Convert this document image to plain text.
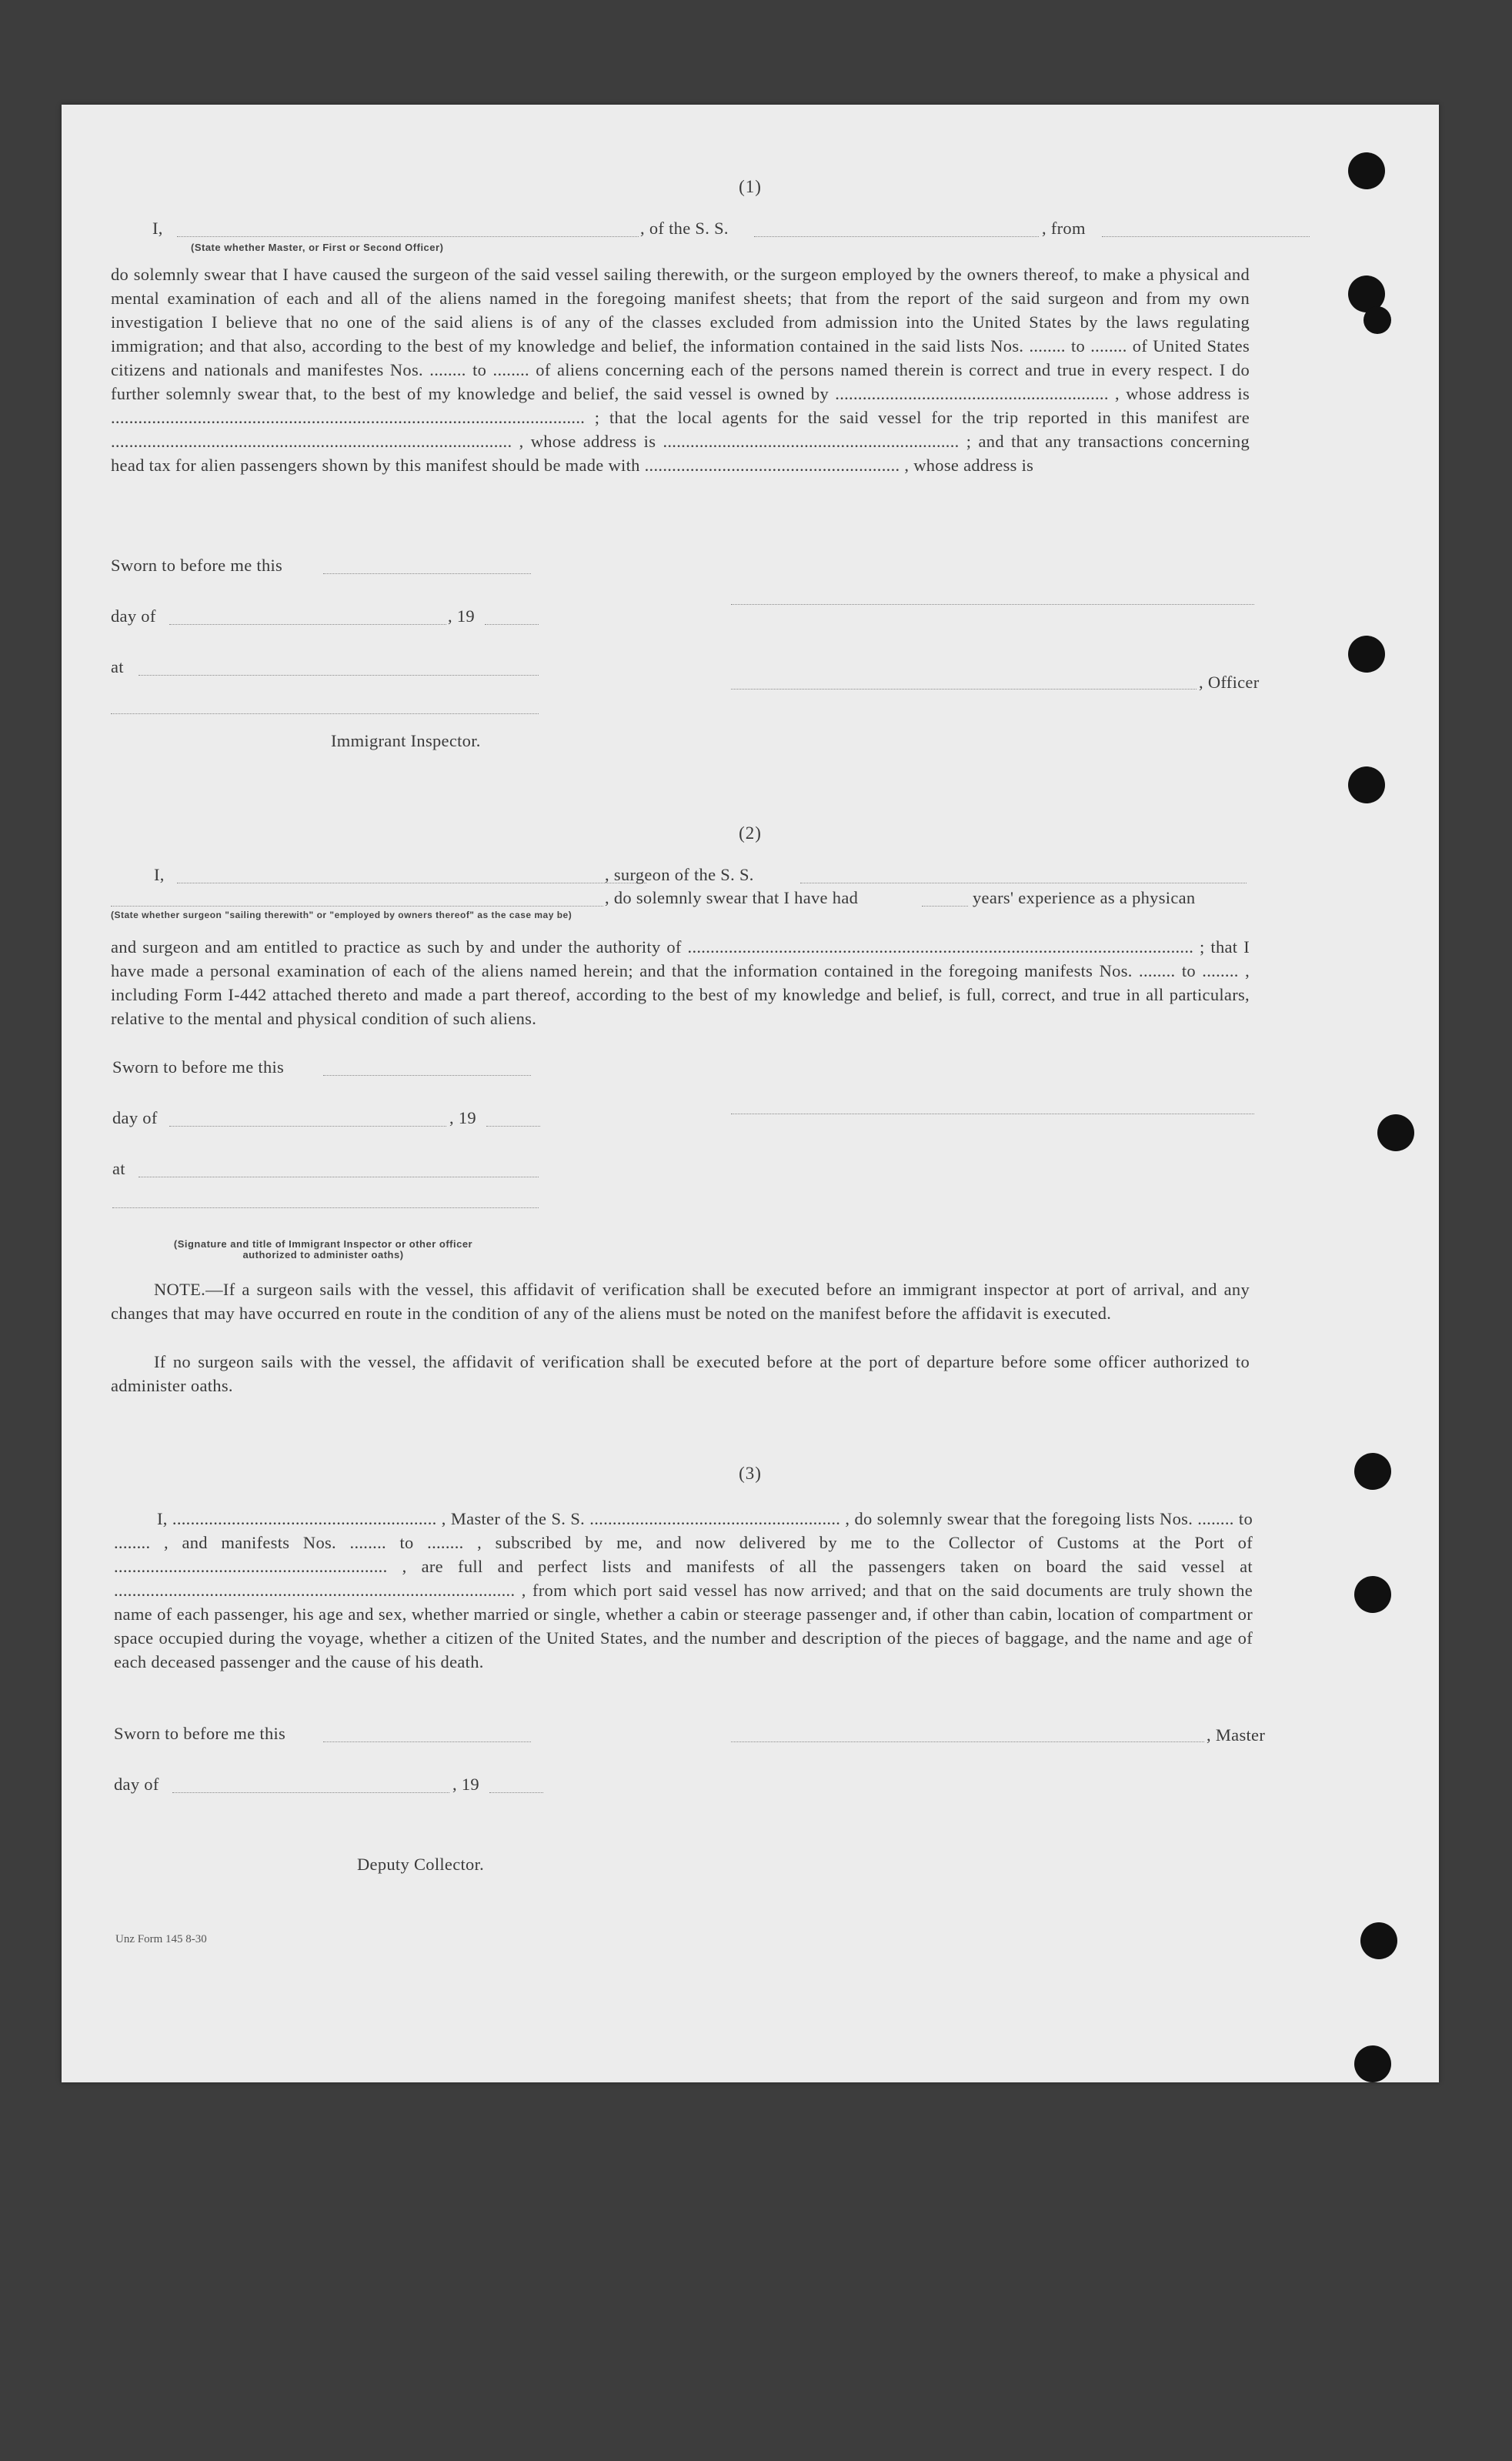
(1)
I,	, of the S. S.	, from
(State whether Master, or First or Second Officer)
do solemnly swear that I have caused the surgeon of the said vessel sailing therewith, or the surgeon employed by the owners thereof, to make a physical and mental examination of each and all of the aliens named in the foregoing manifest sheets; that from the report of the said surgeon and from my own investigation I believe that no one of the said aliens is of any of the classes excluded from admission into the United States by the laws regulating immigration; and that also, according to the best of my knowledge and belief, the information contained in the said lists Nos. ........ to ........ of United States citizens and nationals and manifestes Nos. ........ to ........ of aliens concerning each of the persons named therein is correct and true in every respect. I do further solemnly swear that, to the best of my knowledge and belief, the said vessel is owned by ............................................................ , whose address is ........................................................................................................ ; that the local agents for the said vessel for the trip reported in this manifest are ........................................................................................ , whose address is ................................................................. ; and that any transactions concerning head tax for alien passengers shown by this manifest should be made with ........................................................ , whose address is
Sworn to before me this
day of	, 19
at
, Officer
Immigrant Inspector.
(2)
I,	, surgeon of the S. S.
, do solemnly swear that I have had	years' experience as a physican
(State whether surgeon "sailing therewith" or "employed by owners thereof" as the case may be)
and surgeon and am entitled to practice as such by and under the authority of ............................................................................................................... ; that I have made a personal examination of each of the aliens named herein; and that the information contained in the foregoing manifests Nos. ........ to ........ , including Form I-442 attached thereto and made a part thereof, according to the best of my knowledge and belief, is full, correct, and true in all particulars, relative to the mental and physical condition of such aliens.
Sworn to before me this
day of	, 19
at
(Signature and title of Immigrant Inspector or other officer authorized to administer oaths)
NOTE.—If a surgeon sails with the vessel, this affidavit of verification shall be executed before an immigrant inspector at port of arrival, and any changes that may have occurred en route in the condition of any of the aliens must be noted on the manifest before the affidavit is executed.
If no surgeon sails with the vessel, the affidavit of verification shall be executed before at the port of departure before some officer authorized to administer oaths.
(3)
I, .......................................................... , Master of the S. S. ....................................................... , do solemnly swear that the foregoing lists Nos. ........ to ........ , and manifests Nos. ........ to ........ , subscribed by me, and now delivered by me to the Collector of Customs at the Port of ............................................................ , are full and perfect lists and manifests of all the passengers taken on board the said vessel at ........................................................................................ , from which port said vessel has now arrived; and that on the said documents are truly shown the name of each passenger, his age and sex, whether married or single, whether a cabin or steerage passenger and, if other than cabin, location of compartment or space occupied during the voyage, whether a citizen of the United States, and the number and description of the pieces of baggage, and the name and age of each deceased passenger and the cause of his death.
Sworn to before me this	, Master
day of	, 19
Deputy Collector.
Unz Form 145 8-30
